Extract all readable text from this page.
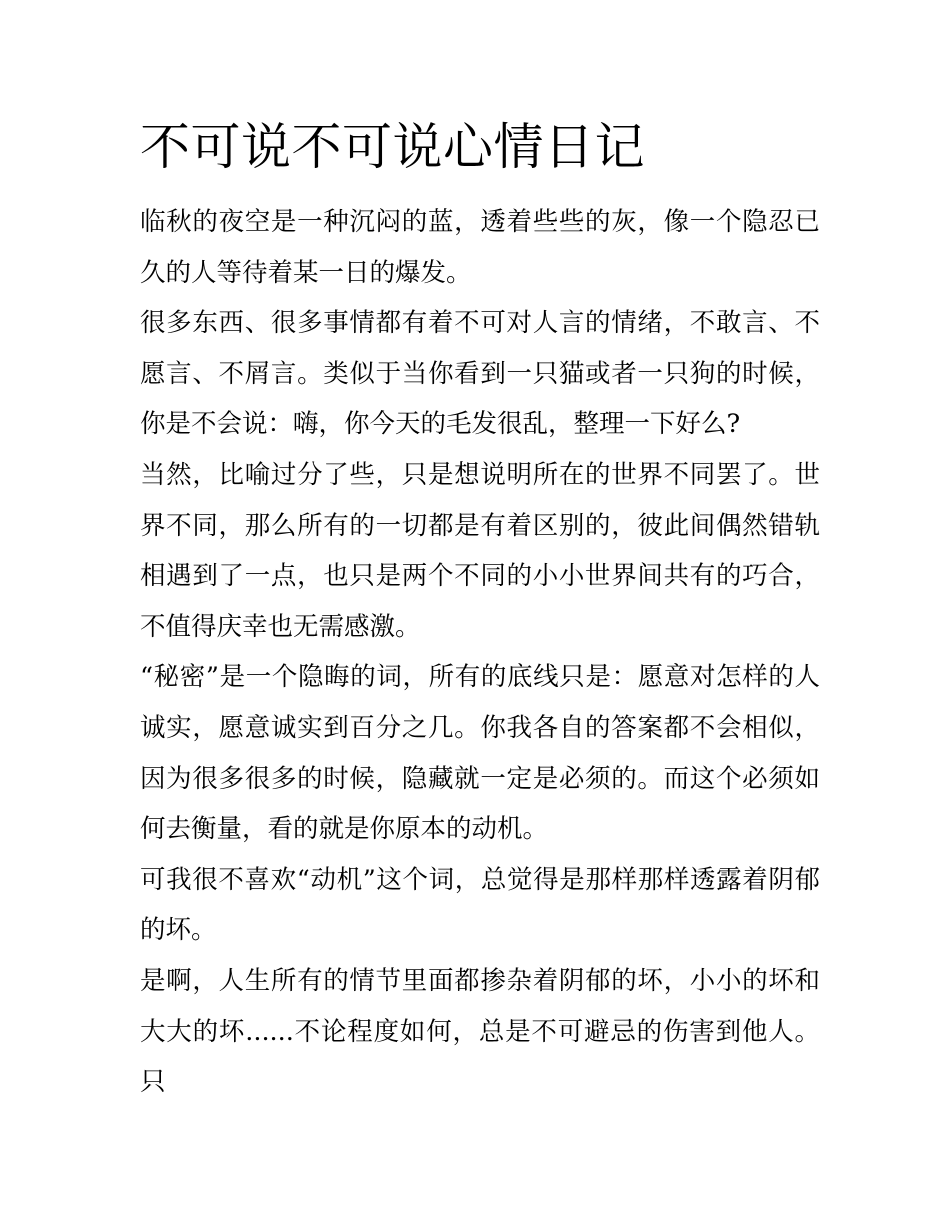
不可说不可说心情日记

临秋的夜空是一种沉闷的蓝，透着些些的灰，像一个隐忍已久的人等待着某一日的爆发。

很多东西、很多事情都有着不可对人言的情绪，不敢言、不愿言、不屑言。类似于当你看到一只猫或者一只狗的时候，你是不会说：嗨，你今天的毛发很乱，整理一下好么?

当然，比喻过分了些，只是想说明所在的世界不同罢了。世界不同，那么所有的一切都是有着区别的，彼此间偶然错轨相遇到了一点，也只是两个不同的小小世界间共有的巧合，不值得庆幸也无需感激。

“秘密”是一个隐晦的词，所有的底线只是：愿意对怎样的人诚实，愿意诚实到百分之几。你我各自的答案都不会相似，因为很多很多的时候，隐藏就一定是必须的。而这个必须如何去衡量，看的就是你原本的动机。

可我很不喜欢“动机”这个词，总觉得是那样那样透露着阴郁的坏。

是啊，人生所有的情节里面都掺杂着阴郁的坏，小小的坏和大大的坏......不论程度如何，总是不可避忌的伤害到他人。 只
